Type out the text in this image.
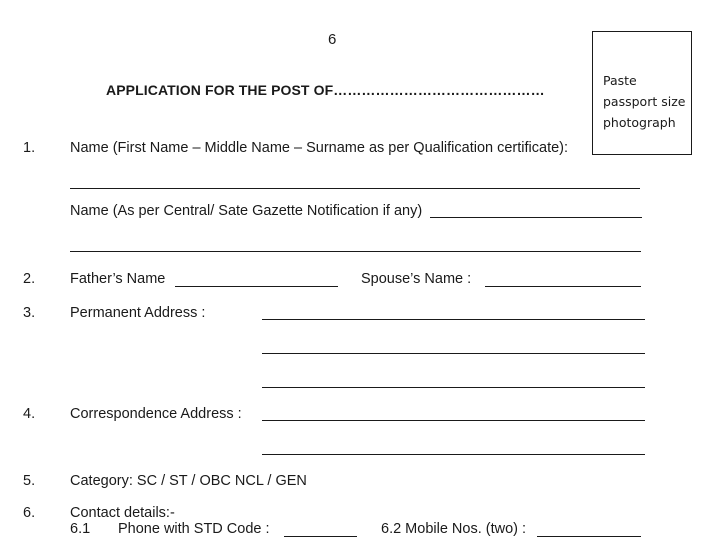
6
APPLICATION FOR THE POST OF………………………………………
Paste
passport size
photograph
1. Name (First Name – Middle Name – Surname as per Qualification certificate):
Name (As per Central/ Sate Gazette Notification if any)
2. Father’s Name	Spouse’s Name :
3. Permanent Address :
4. Correspondence Address :
5. Category: SC / ST / OBC NCL / GEN
6. Contact details:-
6.1 Phone with STD Code :	6.2 Mobile Nos. (two) :
